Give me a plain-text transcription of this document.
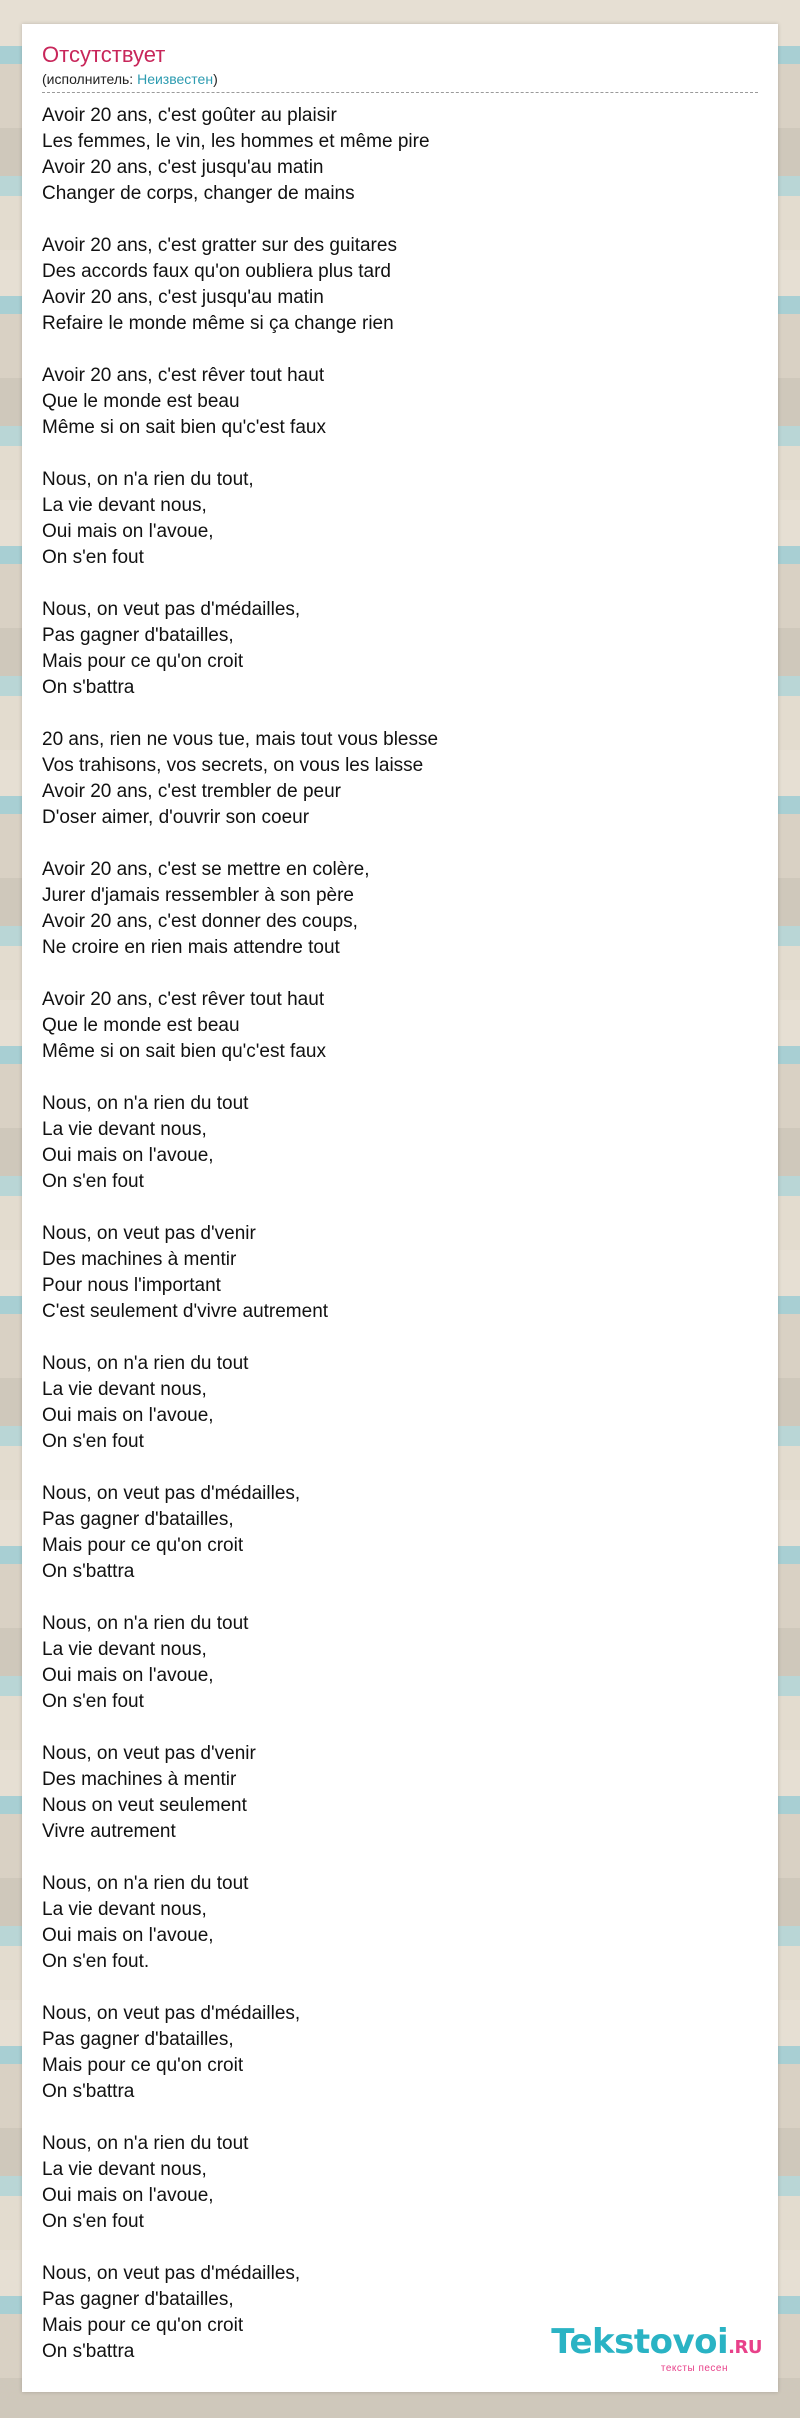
Отсутствует
(исполнитель: Неизвестен)
Avoir 20 ans, c'est goûter au plaisir
Les femmes, le vin, les hommes et même pire
Avoir 20 ans, c'est jusqu'au matin
Changer de corps, changer de mains
Avoir 20 ans, c'est gratter sur des guitares
Des accords faux qu'on oubliera plus tard
Aovir 20 ans, c'est jusqu'au matin
Refaire le monde même si ça change rien
Avoir 20 ans, c'est rêver tout haut
Que le monde est beau
Même si on sait bien qu'c'est faux
Nous, on n'a rien du tout,
La vie devant nous,
Oui mais on l'avoue,
On s'en fout
Nous, on veut pas d'médailles,
Pas gagner d'batailles,
Mais pour ce qu'on croit
On s'battra
20 ans, rien ne vous tue, mais tout vous blesse
Vos trahisons, vos secrets, on vous les laisse
Avoir 20 ans, c'est trembler de peur
D'oser aimer, d'ouvrir son coeur
Avoir 20 ans, c'est se mettre en colère,
Jurer d'jamais ressembler à son père
Avoir 20 ans, c'est donner des coups,
Ne croire en rien mais attendre tout
Avoir 20 ans, c'est rêver tout haut
Que le monde est beau
Même si on sait bien qu'c'est faux
Nous, on n'a rien du tout
La vie devant nous,
Oui mais on l'avoue,
On s'en fout
Nous, on veut pas d'venir
Des machines à mentir
Pour nous l'important
C'est seulement d'vivre autrement
Nous, on n'a rien du tout
La vie devant nous,
Oui mais on l'avoue,
On s'en fout
Nous, on veut pas d'médailles,
Pas gagner d'batailles,
Mais pour ce qu'on croit
On s'battra
Nous, on n'a rien du tout
La vie devant nous,
Oui mais on l'avoue,
On s'en fout
Nous, on veut pas d'venir
Des machines à mentir
Nous on veut seulement
Vivre autrement
Nous, on n'a rien du tout
La vie devant nous,
Oui mais on l'avoue,
On s'en fout.
Nous, on veut pas d'médailles,
Pas gagner d'batailles,
Mais pour ce qu'on croit
On s'battra
Nous, on n'a rien du tout
La vie devant nous,
Oui mais on l'avoue,
On s'en fout
Nous, on veut pas d'médailles,
Pas gagner d'batailles,
Mais pour ce qu'on croit
On s'battra	Tekstovoi.RU
тексты песен
